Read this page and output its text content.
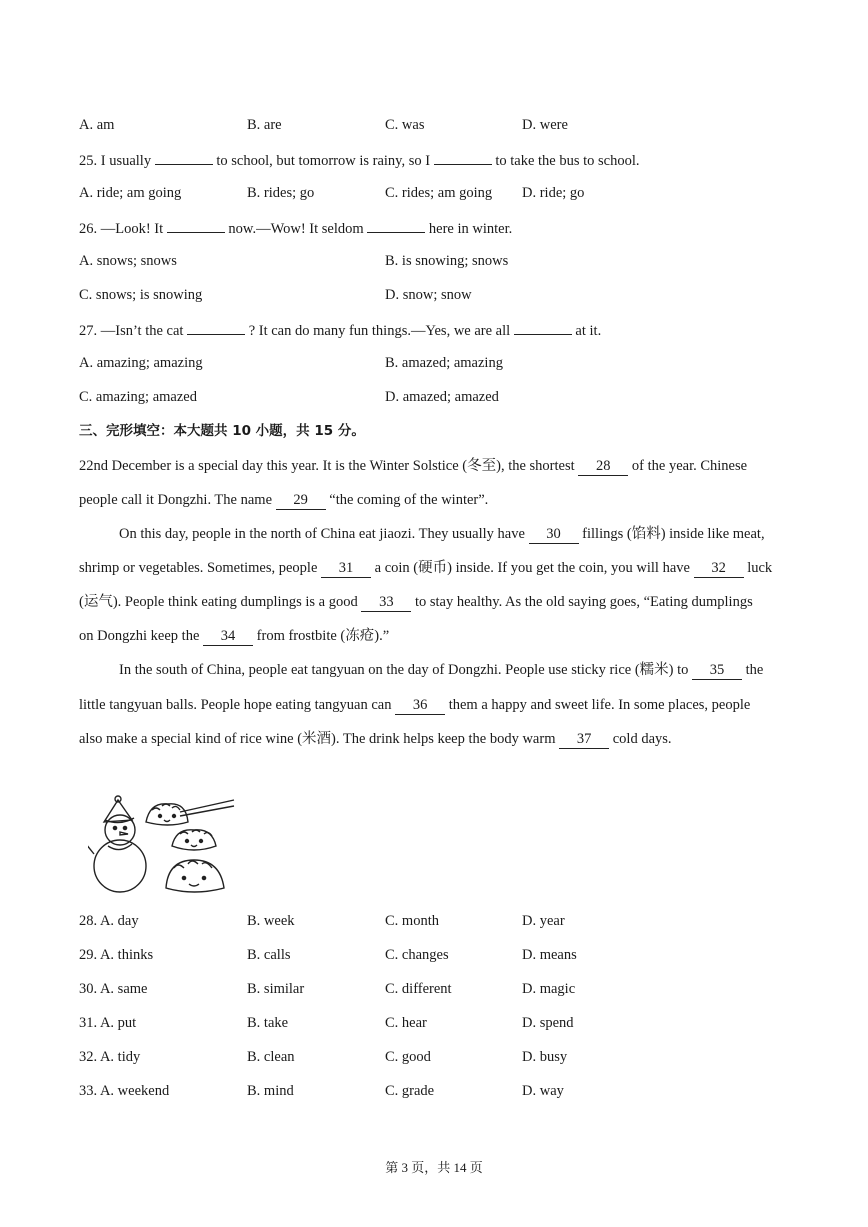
A. am	B. are	C. was	D. were
25. I usually	to school, but tomorrow is rainy, so I	to take the bus to school.
A. ride; am going	B. rides; go	C. rides; am going D. ride; go
26. —Look! It	now.—Wow! It seldom	here in winter.
A. snows; snows	B. is snowing; snows
C. snows; is snowing	D. snow; snow
27. —Isn’t the cat	? It can do many fun things.—Yes, we are all	at it.
A. amazing; amazing	B. amazed; amazing
C. amazing; amazed	D. amazed; amazed
三、完形填空：本大题共 10 小题，共 15 分。
22nd December is a special day this year. It is the Winter Solstice (冬至), the shortest 28 of the year. Chinese
people call it Dongzhi. The name 29 “the coming of the winter”.
On this day, people in the north of China eat jiaozi. They usually have 30 fillings (馅料) inside like meat,
shrimp or vegetables. Sometimes, people 31 a coin (硬币) inside. If you get the coin, you will have 32 luck
(运气). People think eating dumplings is a good 33 to stay healthy. As the old saying goes, “Eating dumplings
on Dongzhi keep the 34 from frostbite (冻疮).”
In the south of China, people eat tangyuan on the day of Dongzhi. People use sticky rice (糯米) to 35 the
little tangyuan balls. People hope eating tangyuan can 36 them a happy and sweet life. In some places, people
also make a special kind of rice wine (米酒). The drink helps keep the body warm 37 cold days.
28. A. day	B. week	C. month	D. year
29. A. thinks	B. calls	C. changes	D. means
30. A. same	B. similar	C. different	D. magic
31. A. put	B. take	C. hear	D. spend
32. A. tidy	B. clean	C. good	D. busy
33. A. weekend	B. mind	C. grade	D. way
第 3 页，共 14 页
